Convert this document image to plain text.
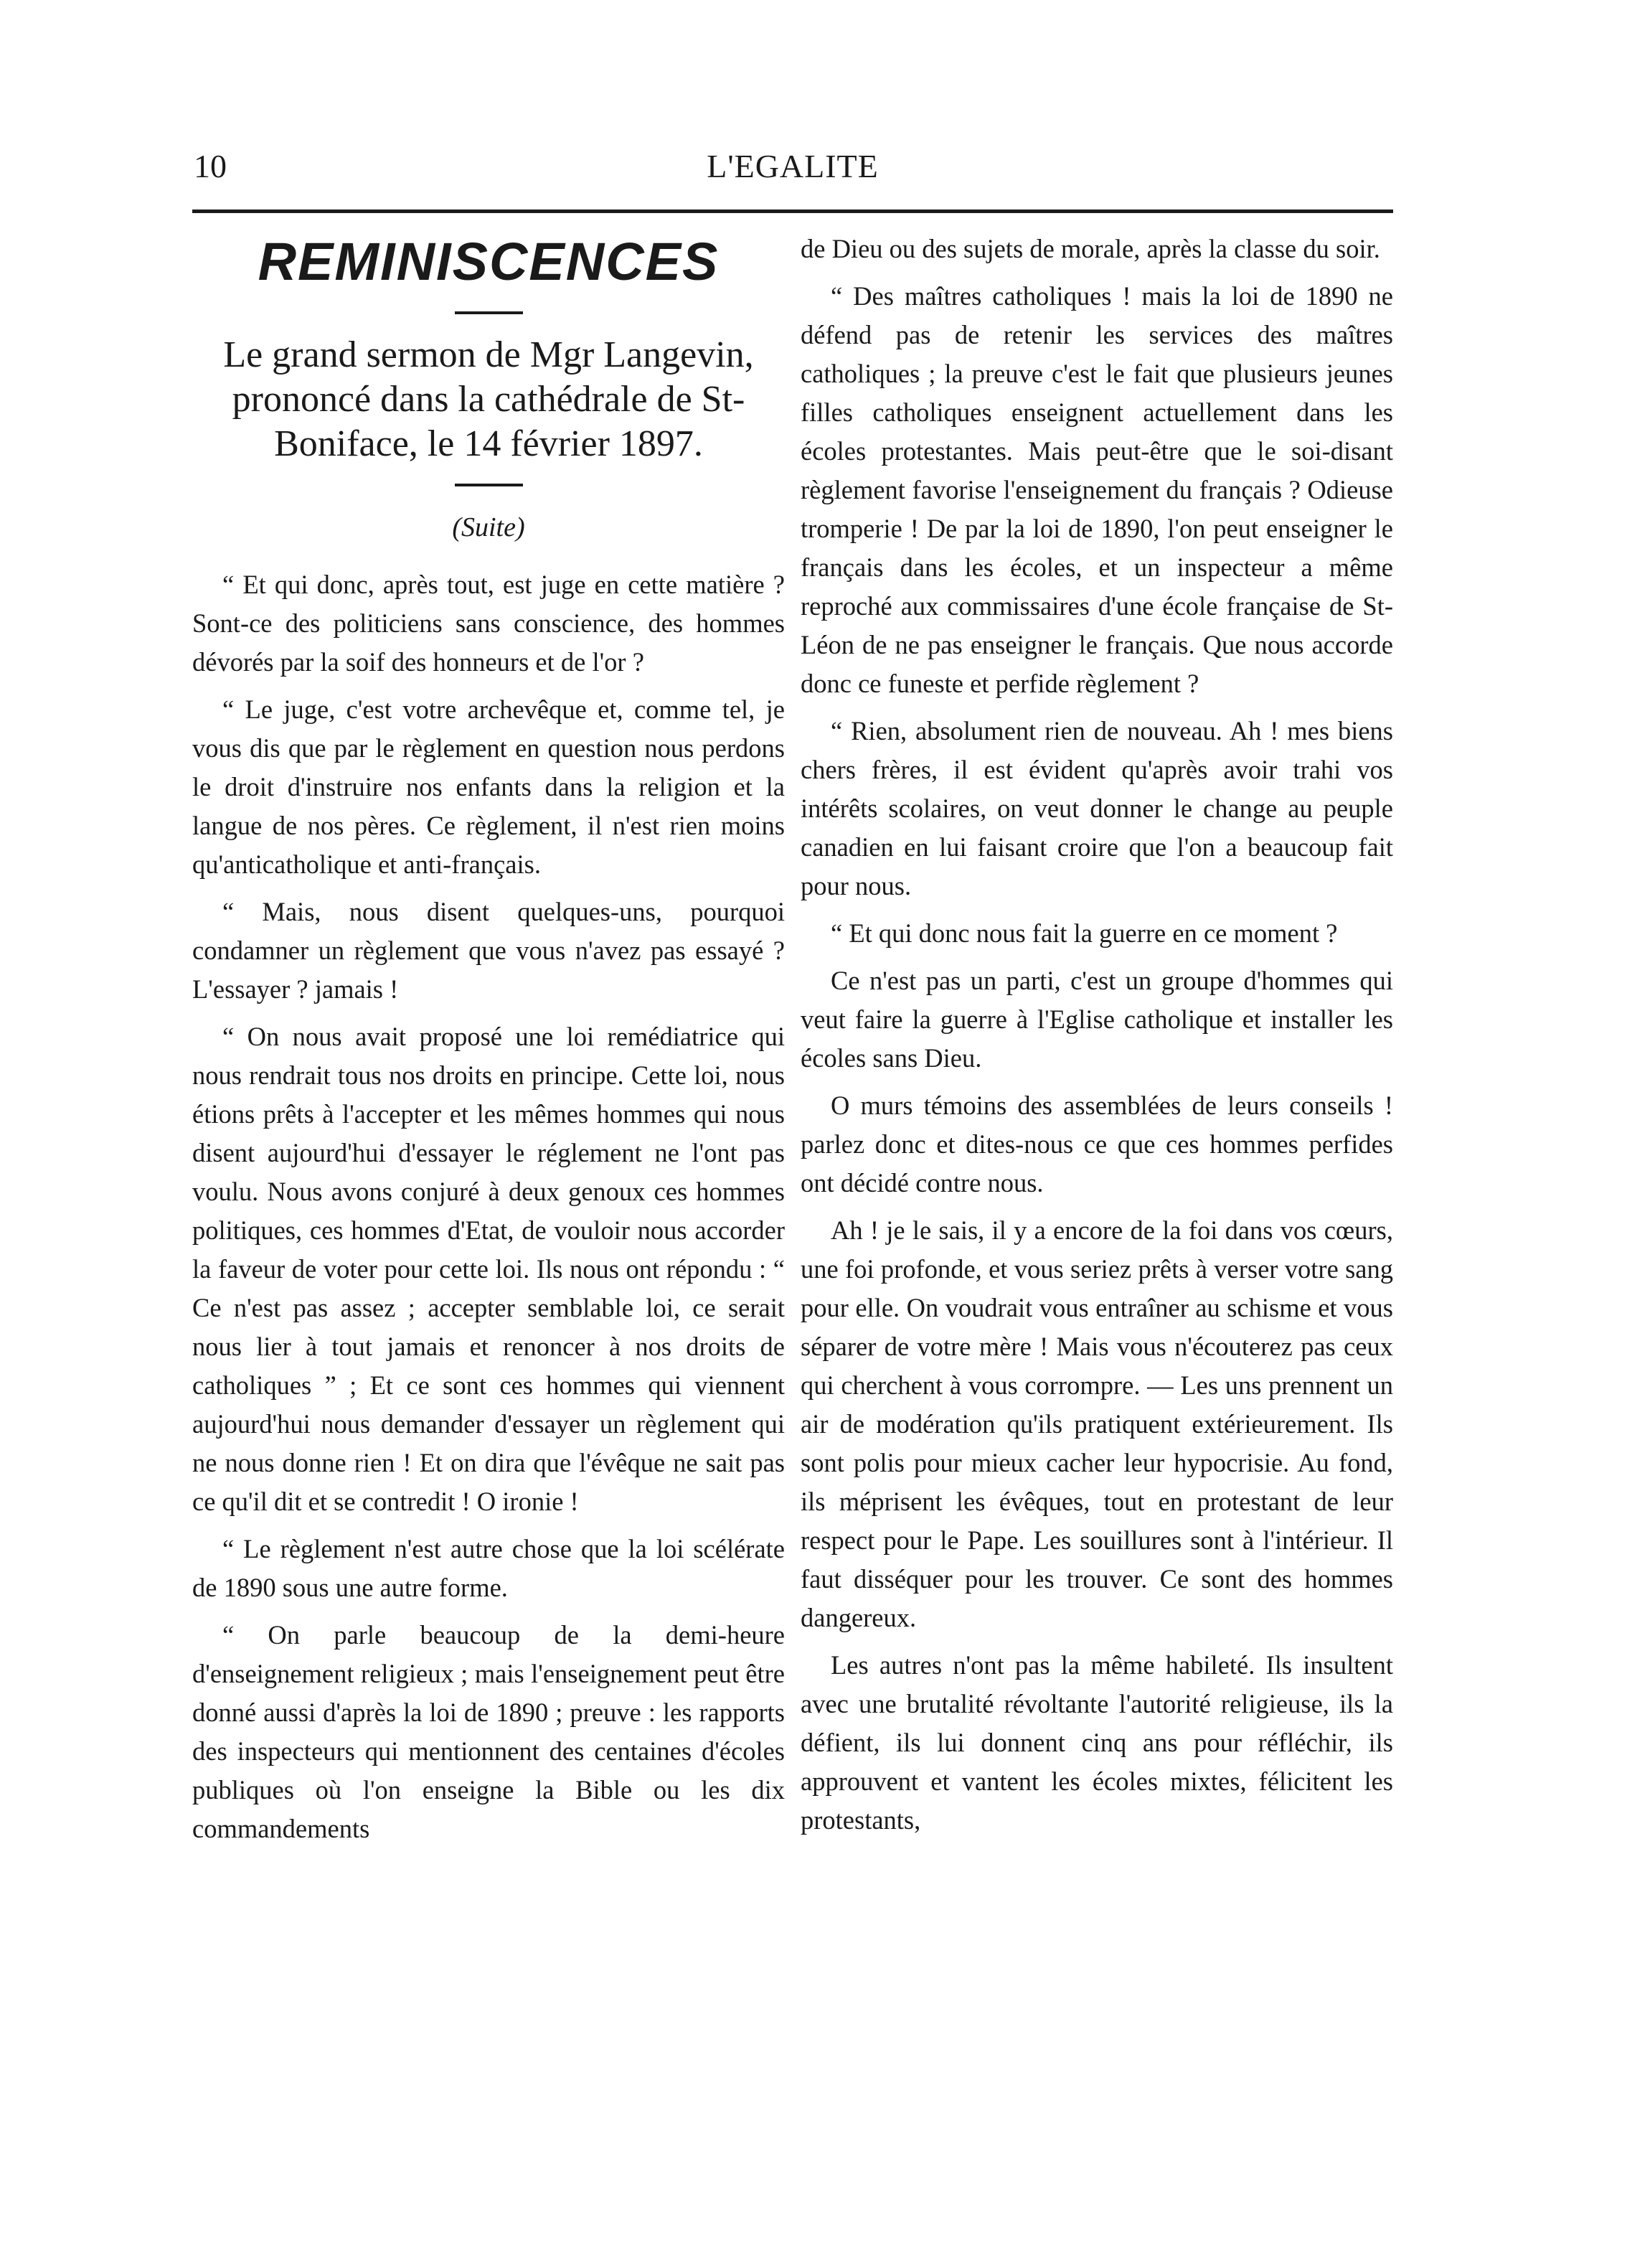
10	L'EGALITE
REMINISCENCES
Le grand sermon de Mgr Langevin, prononcé dans la cathédrale de St-Boniface, le 14 février 1897.
(Suite)

“ Et qui donc, après tout, est juge en cette matière ? Sont-ce des politiciens sans conscience, des hommes dévorés par la soif des honneurs et de l'or ?

“ Le juge, c'est votre archevêque et, comme tel, je vous dis que par le règlement en question nous perdons le droit d'instruire nos enfants dans la religion et la langue de nos pères. Ce règlement, il n'est rien moins qu'anticatholique et anti-français.

“ Mais, nous disent quelques-uns, pourquoi condamner un règlement que vous n'avez pas essayé ? L'essayer ? jamais !

“ On nous avait proposé une loi remédiatrice qui nous rendrait tous nos droits en principe. Cette loi, nous étions prêts à l'accepter et les mêmes hommes qui nous disent aujourd'hui d'essayer le réglement ne l'ont pas voulu. Nous avons conjuré à deux genoux ces hommes politiques, ces hommes d'Etat, de vouloir nous accorder la faveur de voter pour cette loi. Ils nous ont répondu : “ Ce n'est pas assez ; accepter semblable loi, ce serait nous lier à tout jamais et renoncer à nos droits de catholiques ” ; Et ce sont ces hommes qui viennent aujourd'hui nous demander d'essayer un règlement qui ne nous donne rien ! Et on dira que l'évêque ne sait pas ce qu'il dit et se contredit ! O ironie !

“ Le règlement n'est autre chose que la loi scélérate de 1890 sous une autre forme.

“ On parle beaucoup de la demi-heure d'enseignement religieux ; mais l'enseignement peut être donné aussi d'après la loi de 1890 ; preuve : les rapports des inspecteurs qui mentionnent des centaines d'écoles publiques où l'on enseigne la Bible ou les dix commandements

de Dieu ou des sujets de morale, après la classe du soir.

“ Des maîtres catholiques ! mais la loi de 1890 ne défend pas de retenir les services des maîtres catholiques ; la preuve c'est le fait que plusieurs jeunes filles catholiques enseignent actuellement dans les écoles protestantes. Mais peut-être que le soi-disant règlement favorise l'enseignement du français ? Odieuse tromperie ! De par la loi de 1890, l'on peut enseigner le français dans les écoles, et un inspecteur a même reproché aux commissaires d'une école française de St-Léon de ne pas enseigner le français. Que nous accorde donc ce funeste et perfide règlement ?

“ Rien, absolument rien de nouveau. Ah ! mes biens chers frères, il est évident qu'après avoir trahi vos intérêts scolaires, on veut donner le change au peuple canadien en lui faisant croire que l'on a beaucoup fait pour nous.

“ Et qui donc nous fait la guerre en ce moment ?

Ce n'est pas un parti, c'est un groupe d'hommes qui veut faire la guerre à l'Eglise catholique et installer les écoles sans Dieu.

O murs témoins des assemblées de leurs conseils ! parlez donc et dites-nous ce que ces hommes perfides ont décidé contre nous.

Ah ! je le sais, il y a encore de la foi dans vos cœurs, une foi profonde, et vous seriez prêts à verser votre sang pour elle. On voudrait vous entraîner au schisme et vous séparer de votre mère ! Mais vous n'écouterez pas ceux qui cherchent à vous corrompre. — Les uns prennent un air de modération qu'ils pratiquent extérieurement. Ils sont polis pour mieux cacher leur hypocrisie. Au fond, ils méprisent les évêques, tout en protestant de leur respect pour le Pape. Les souillures sont à l'intérieur. Il faut disséquer pour les trouver. Ce sont des hommes dangereux.

Les autres n'ont pas la même habileté. Ils insultent avec une brutalité révoltante l'autorité religieuse, ils la défient, ils lui donnent cinq ans pour réfléchir, ils approuvent et vantent les écoles mixtes, félicitent les protestants,
